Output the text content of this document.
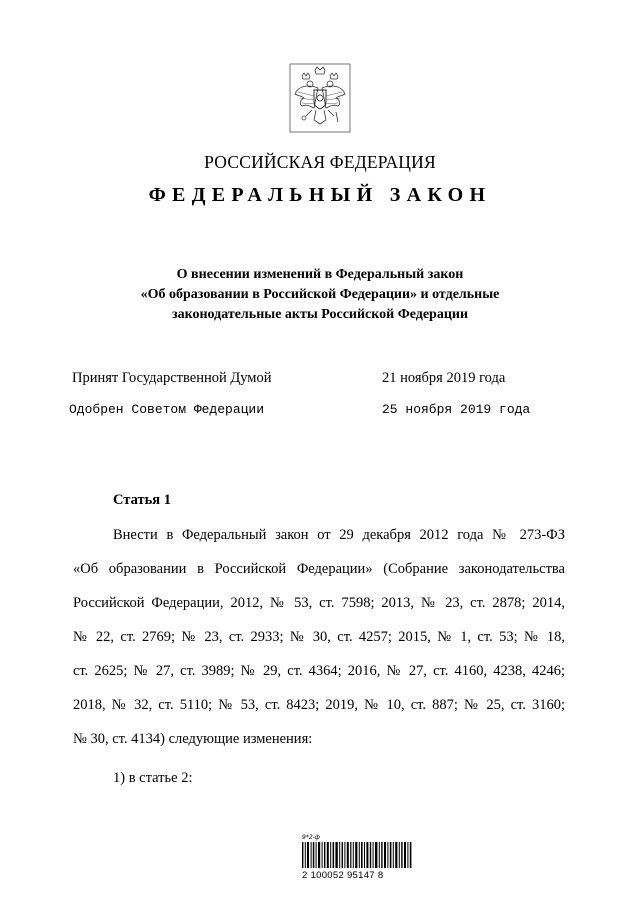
РОССИЙСКАЯ ФЕДЕРАЦИЯ
ФЕДЕРАЛЬНЫЙ ЗАКОН
О внесении изменений в Федеральный закон
«Об образовании в Российской Федерации» и отдельные
законодательные акты Российской Федерации
Принят Государственной Думой	21 ноября 2019 года
Одобрен Советом Федерации	25 ноября 2019 года
Статья 1
Внести в Федеральный закон от 29 декабря 2012 года № 273-ФЗ
«Об образовании в Российской Федерации» (Собрание законодательства
Российской Федерации, 2012, № 53, ст. 7598; 2013, № 23, ст. 2878; 2014,
№ 22, ст. 2769; № 23, ст. 2933; № 30, ст. 4257; 2015, № 1, ст. 53; № 18,
ст. 2625; № 27, ст. 3989; № 29, ст. 4364; 2016, № 27, ст. 4160, 4238, 4246;
2018, № 32, ст. 5110; № 53, ст. 8423; 2019, № 10, ст. 887; № 25, ст. 3160;
№ 30, ст. 4134) следующие изменения:
1) в статье 2:
9*2-ф
2 100052 95147 8
